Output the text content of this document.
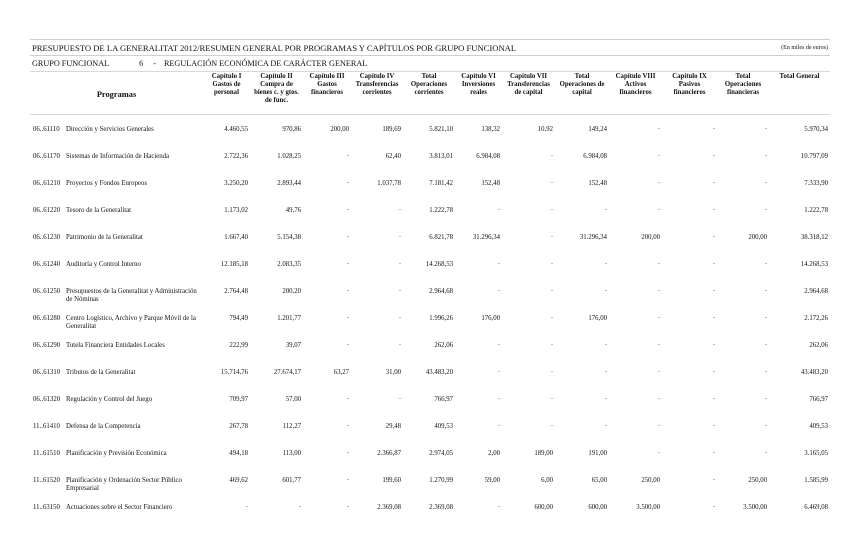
PRESUPUESTO DE LA GENERALITAT 2012/RESUMEN GENERAL POR PROGRAMAS Y CAPÍTULOS POR GRUPO FUNCIONAL	(En miles de euros)
GRUPO FUNCIONAL	6 - REGULACIÓN ECONÓMICA DE CARÁCTER GENERAL
Programas		Capítulo I Gastos de personal	Capítulo II Compra de bienes c. y gtos. de func.	Capítulo III Gastos financieros	Capítulo IV Transferencias corrientes	Total Operaciones corrientes	Capítulo VI Inversiones reales	Capítulo VII Transferencias de capital	Total Operaciones de capital	Capítulo VIII Activos financieros	Capítulo IX Pasivos financieros	Total Operaciones financieras	Total General
06..61110	Dirección y Servicios Generales	4.460,55	970,86	200,00	189,69	5.821,10	138,32	10,92	149,24	-	-	-	5.970,34
06..61170	Sistemas de Información de Hacienda	2.722,36	1.028,25	-	62,40	3.813,01	6.984,08	-	6.984,08	-	-	-	10.797,09
06..61210	Proyectos y Fondos Europeos	3.250,20	2.893,44	-	1.037,78	7.181,42	152,48	-	152,48	-	-	-	7.333,90
06..61220	Tesoro de la Generalitat	1.173,02	49,76	-	-	1.222,78	-	-	-	-	-	-	1.222,78
06..61230	Patrimonio de la Generalitat	1.667,40	5.154,38	-	-	6.821,78	31.296,34	-	31.296,34	200,00	-	200,00	38.318,12
06..61240	Auditoría y Control Interno	12.185,18	2.083,35	-	-	14.268,53	-	-	-	-	-	-	14.268,53
06..61250	Presupuestos de la Generalitat y Administración de Nóminas	2.764,48	200,20	-	-	2.964,68	-	-	-	-	-	-	2.964,68
06..61280	Centro Logístico, Archivo y Parque Móvil de la Generalitat	794,49	1.201,77	-	-	1.996,26	176,00	-	176,00	-	-	-	2.172,26
06..61290	Tutela Financiera Entidades Locales	222,99	39,07	-	-	262,06	-	-	-	-	-	-	262,06
06..61310	Tributos de la Generalitat	15.714,76	27.674,17	63,27	31,00	43.483,20	-	-	-	-	-	-	43.483,20
06..61320	Regulación y Control del Juego	709,97	57,00	-	-	766,97	-	-	-	-	-	-	766,97
11..61410	Defensa de la Competencia	267,78	112,27	-	29,48	409,53	-	-	-	-	-	-	409,53
11..61510	Planificación y Previsión Económica	494,18	113,00	-	2.366,87	2.974,05	2,00	189,00	191,00	-	-	-	3.165,05
11..61520	Planificación y Ordenación Sector Público Empresarial	469,62	601,77	-	199,60	1.270,99	59,00	6,00	65,00	250,00	-	250,00	1.585,99
11..63150	Actuaciones sobre el Sector Financiero	-	-	-	2.369,08	2.369,08	-	600,00	600,00	3.500,00	-	3.500,00	6.469,08
